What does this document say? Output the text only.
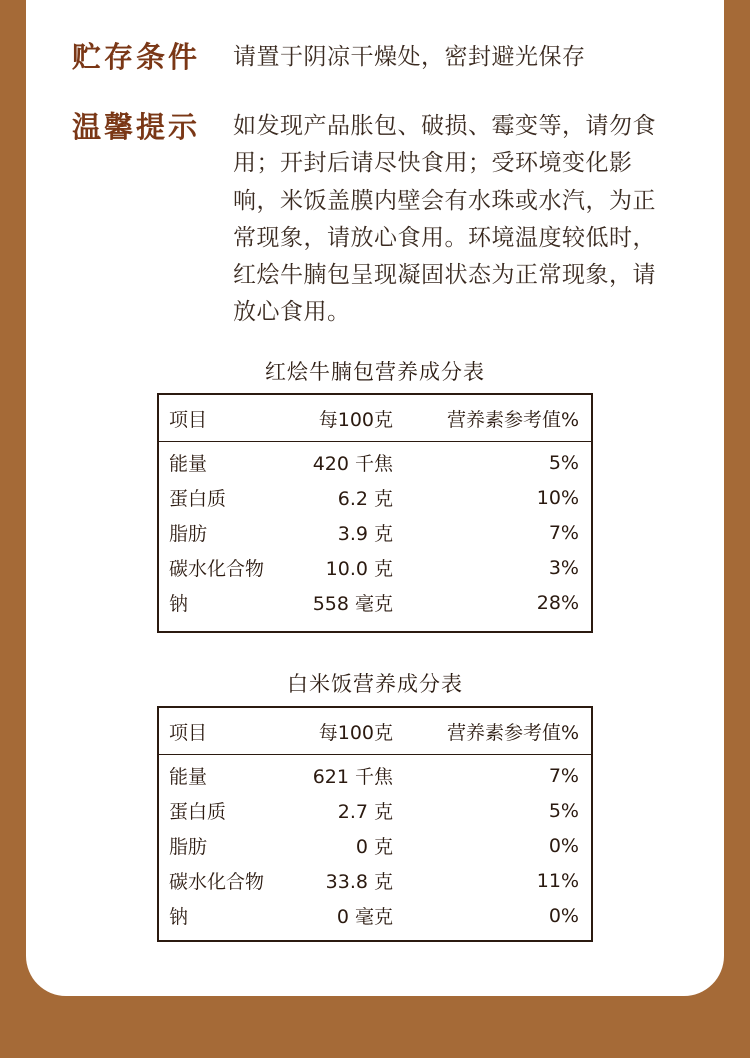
贮存条件	请置于阴凉干燥处，密封避光保存
温馨提示	如发现产品胀包、破损、霉变等，请勿食
用；开封后请尽快食用；受环境变化影
响，米饭盖膜内壁会有水珠或水汽，为正
常现象，请放心食用。环境温度较低时，
红烩牛腩包呈现凝固状态为正常现象，请
放心食用。
红烩牛腩包营养成分表
项目	每100克	营养素参考值%
能量	420 千焦	5%
蛋白质	6.2 克	10%
脂肪	3.9 克	7%
碳水化合物	10.0 克	3%
钠	558 毫克	28%
白米饭营养成分表
项目	每100克	营养素参考值%
能量	621 千焦	7%
蛋白质	2.7 克	5%
脂肪	0 克	0%
碳水化合物	33.8 克	11%
钠	0 毫克	0%
